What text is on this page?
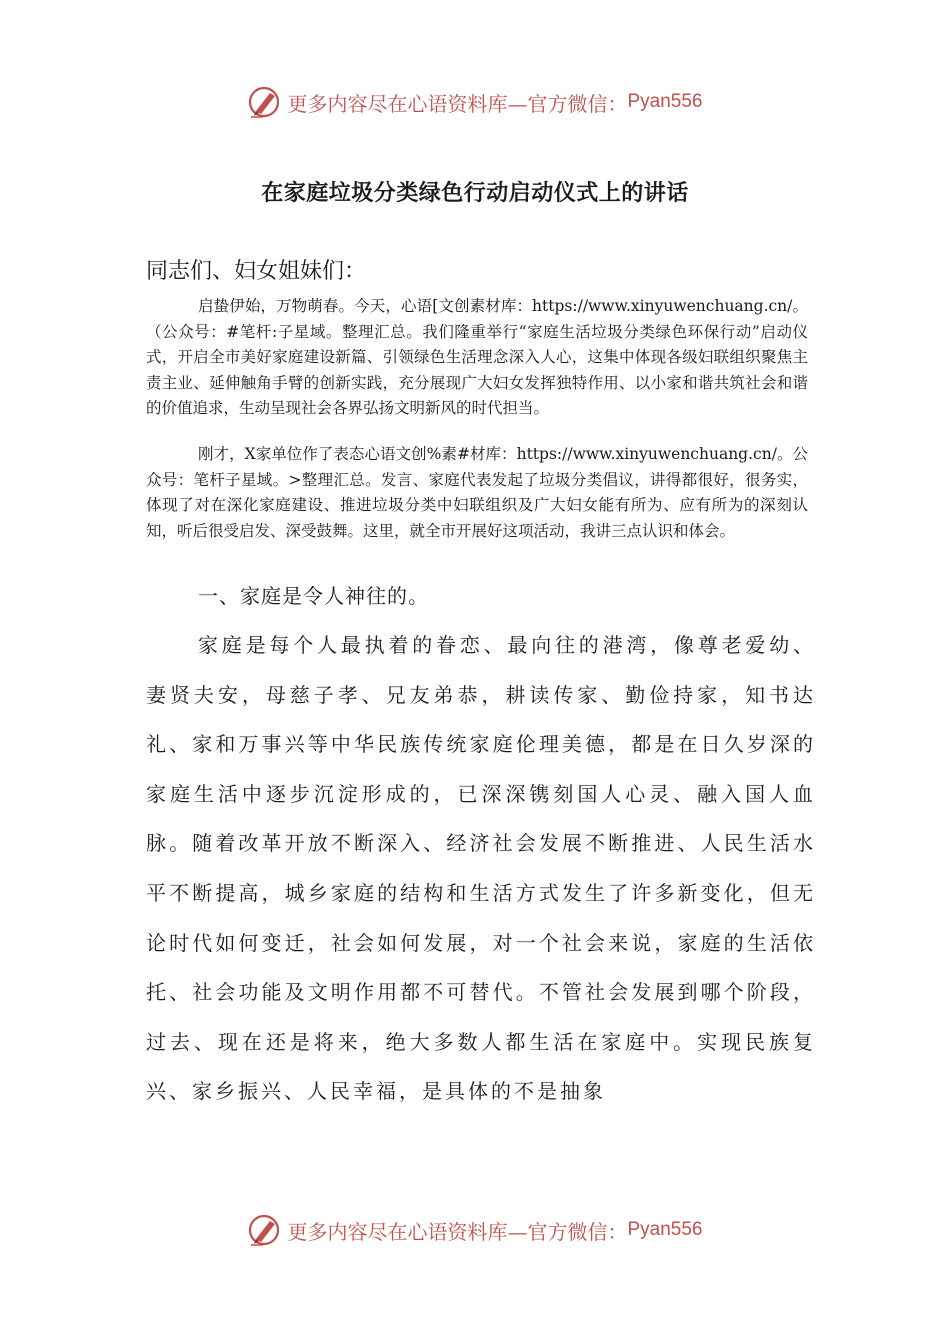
更多内容尽在心语资料库—官方微信： Pyan556
在家庭垃圾分类绿色行动启动仪式上的讲话

同志们、妇女姐妹们：

启蛰伊始，万物萌春。今天，心语[文创素材库：https://www.xinyuwenchuang.cn/。（公众号：#笔杆:子星域。整理汇总。我们隆重举行“家庭生活垃圾分类绿色环保行动”启动仪式，开启全市美好家庭建设新篇、引领绿色生活理念深入人心，这集中体现各级妇联组织聚焦主责主业、延伸触角手臂的创新实践，充分展现广大妇女发挥独特作用、以小家和谐共筑社会和谐的价值追求，生动呈现社会各界弘扬文明新风的时代担当。

刚才，X家单位作了表态心语文创%素#材库：https://www.xinyuwenchuang.cn/。公众号：笔杆子星域。>整理汇总。发言、家庭代表发起了垃圾分类倡议，讲得都很好，很务实，体现了对在深化家庭建设、推进垃圾分类中妇联组织及广大妇女能有所为、应有所为的深刻认知，听后很受启发、深受鼓舞。这里，就全市开展好这项活动，我讲三点认识和体会。

一、家庭是令人神往的。

家庭是每个人最执着的眷恋、最向往的港湾，像尊老爱幼、妻贤夫安，母慈子孝、兄友弟恭，耕读传家、勤俭持家，知书达礼、家和万事兴等中华民族传统家庭伦理美德，都是在日久岁深的家庭生活中逐步沉淀形成的，已深深镌刻国人心灵、融入国人血脉。随着改革开放不断深入、经济社会发展不断推进、人民生活水平不断提高，城乡家庭的结构和生活方式发生了许多新变化，但无论时代如何变迁，社会如何发展，对一个社会来说，家庭的生活依托、社会功能及文明作用都不可替代。不管社会发展到哪个阶段，过去、现在还是将来，绝大多数人都生活在家庭中。实现民族复兴、家乡振兴、人民幸福，是具体的不是抽象

更多内容尽在心语资料库—官方微信： Pyan556
